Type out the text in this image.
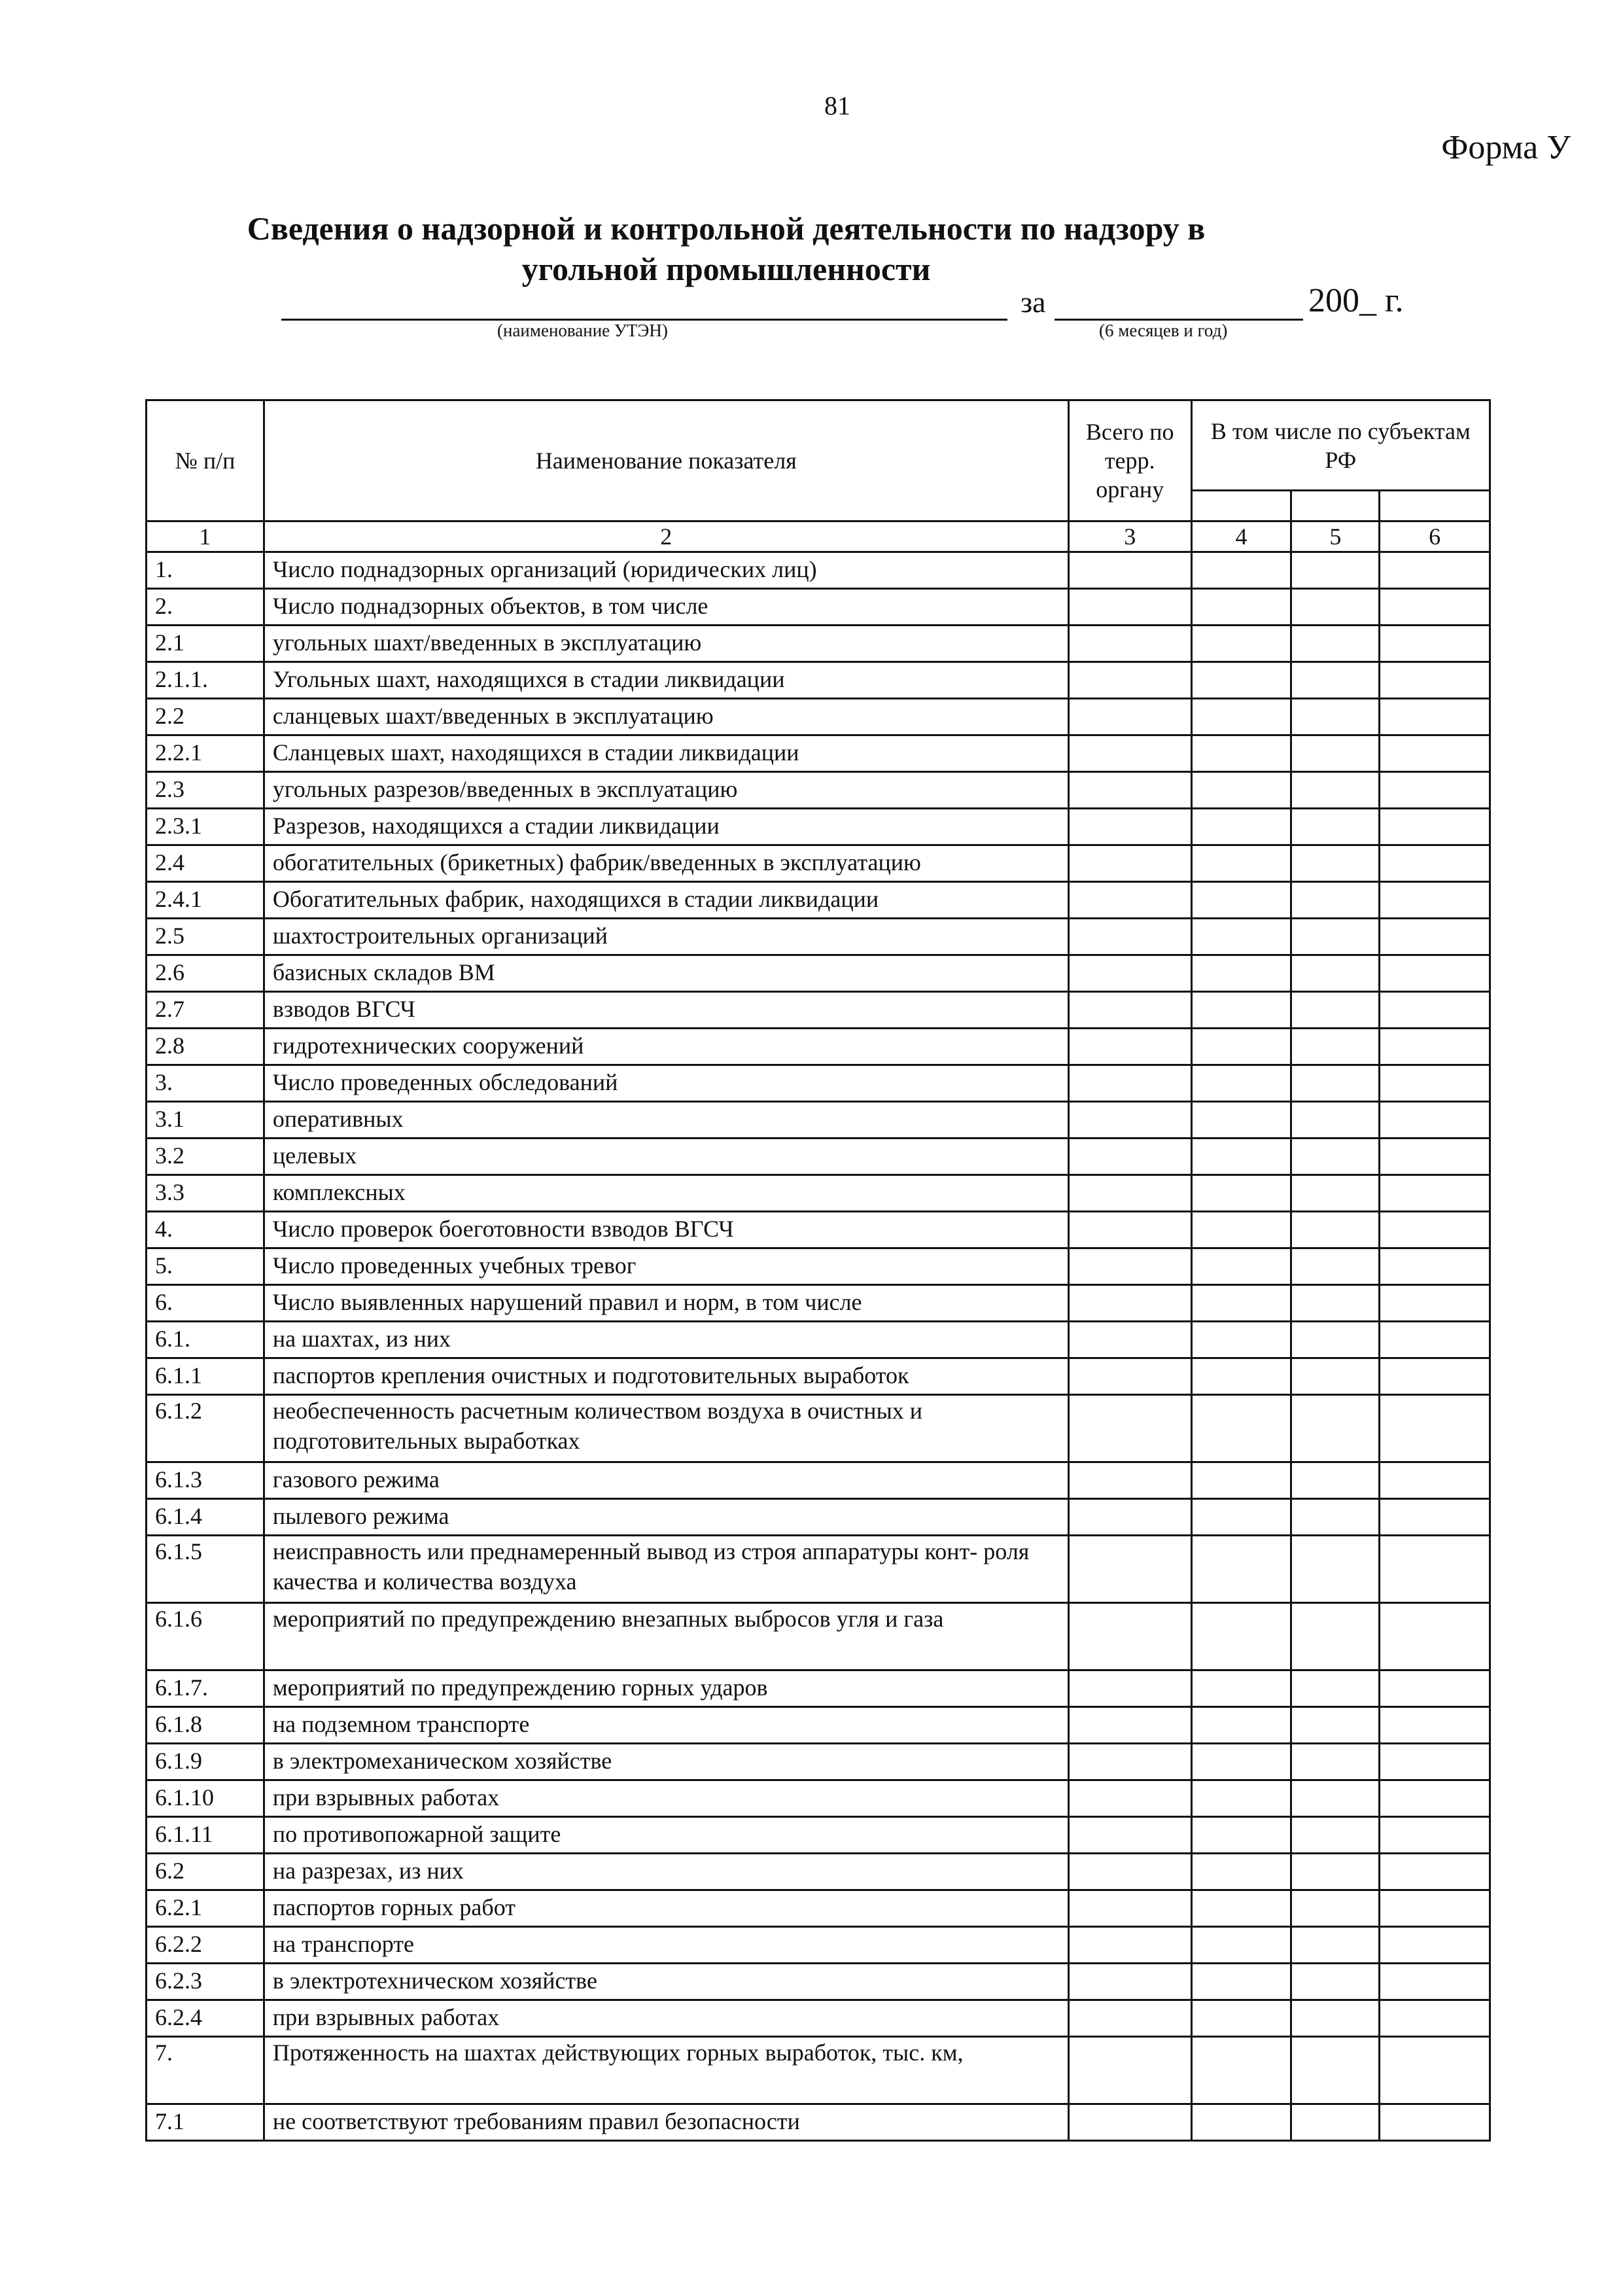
81
Форма У
Сведения о надзорной и контрольной деятельности по надзору в угольной промышленности
за	200_ г.
(наименование УТЭН)	(6 месяцев и год)
№ п/п	Наименование показателя	Всего по терр. органу	В том числе по субъектам РФ		

1	2	3	4	5	6
1.	Число поднадзорных организаций (юридических лиц)				
2.	Число поднадзорных объектов, в том числе				
2.1	угольных шахт/введенных в эксплуатацию				
2.1.1.	Угольных шахт, находящихся в стадии ликвидации				
2.2	сланцевых шахт/введенных в эксплуатацию				
2.2.1	Сланцевых шахт, находящихся в стадии ликвидации				
2.3	угольных разрезов/введенных в эксплуатацию				
2.3.1	Разрезов, находящихся а стадии ликвидации				
2.4	обогатительных (брикетных) фабрик/введенных в эксплуатацию				
2.4.1	Обогатительных фабрик, находящихся в стадии ликвидации				
2.5	шахтостроительных организаций				
2.6	базисных складов ВМ				
2.7	взводов ВГСЧ				
2.8	гидротехнических сооружений				
3.	Число проведенных обследований				
3.1	оперативных				
3.2	целевых				
3.3	комплексных				
4.	Число проверок боеготовности взводов ВГСЧ				
5.	Число проведенных учебных тревог				
6.	Число выявленных нарушений правил и норм, в том числе				
6.1.	на шахтах, из них				
6.1.1	паспортов крепления очистных и подготовительных выработок				
6.1.2	необеспеченность расчетным количеством воздуха в очистных и подготовительных выработках				
6.1.3	газового режима				
6.1.4	пылевого режима				
6.1.5	неисправность или преднамеренный вывод из строя аппаратуры конт- роля качества и количества воздуха				
6.1.6	мероприятий по предупреждению внезапных выбросов угля и газа				
6.1.7.	мероприятий по предупреждению горных ударов				
6.1.8	на подземном транспорте				
6.1.9	в электромеханическом хозяйстве				
6.1.10	при взрывных работах				
6.1.11	по противопожарной защите				
6.2	на разрезах, из них				
6.2.1	паспортов горных работ				
6.2.2	на транспорте				
6.2.3	в электротехническом хозяйстве				
6.2.4	при взрывных работах				
7.	Протяженность на шахтах действующих горных выработок, тыс. км,				
7.1	не соответствуют требованиям правил безопасности				
